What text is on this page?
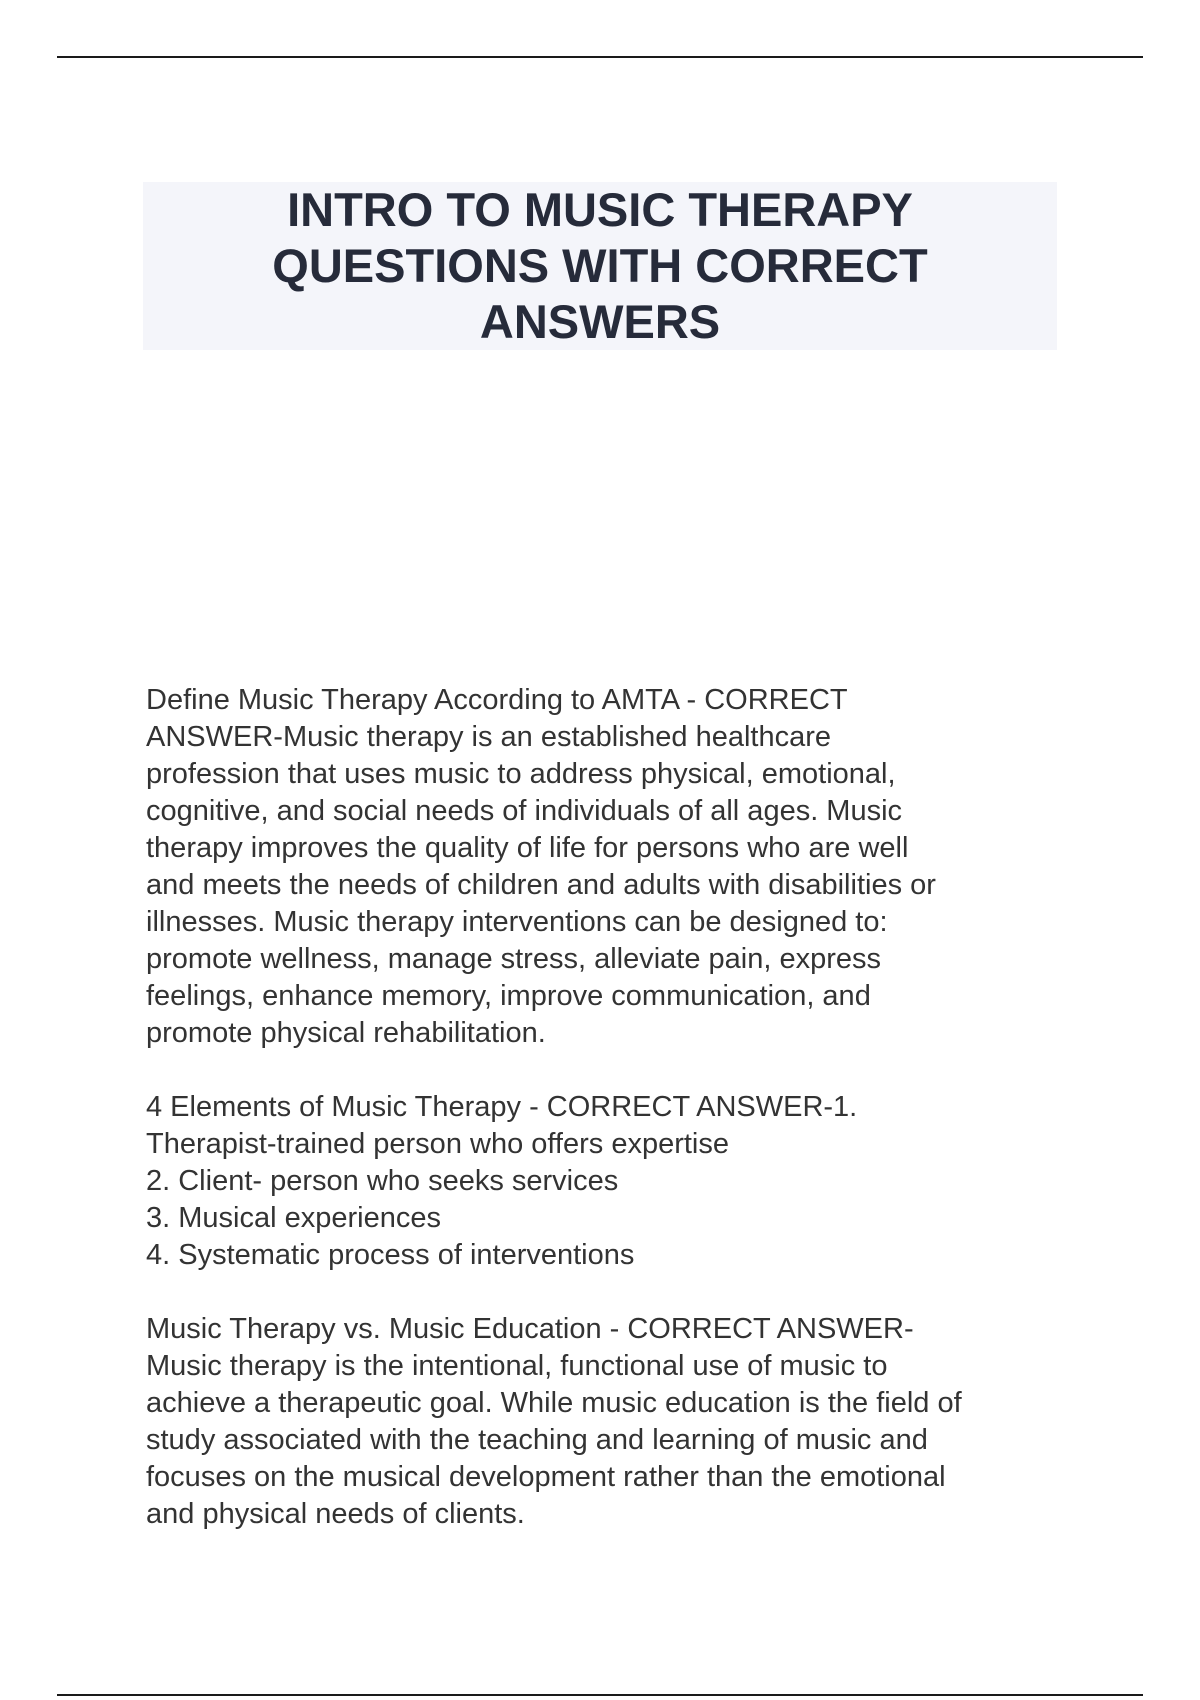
INTRO TO MUSIC THERAPY
QUESTIONS WITH CORRECT
ANSWERS

Define Music Therapy According to AMTA - CORRECT
ANSWER-Music therapy is an established healthcare
profession that uses music to address physical, emotional,
cognitive, and social needs of individuals of all ages. Music
therapy improves the quality of life for persons who are well
and meets the needs of children and adults with disabilities or
illnesses. Music therapy interventions can be designed to:
promote wellness, manage stress, alleviate pain, express
feelings, enhance memory, improve communication, and
promote physical rehabilitation.

4 Elements of Music Therapy - CORRECT ANSWER-1.
Therapist-trained person who offers expertise
2. Client- person who seeks services
3. Musical experiences
4. Systematic process of interventions

Music Therapy vs. Music Education - CORRECT ANSWER-
Music therapy is the intentional, functional use of music to
achieve a therapeutic goal. While music education is the field of
study associated with the teaching and learning of music and
focuses on the musical development rather than the emotional
and physical needs of clients.
